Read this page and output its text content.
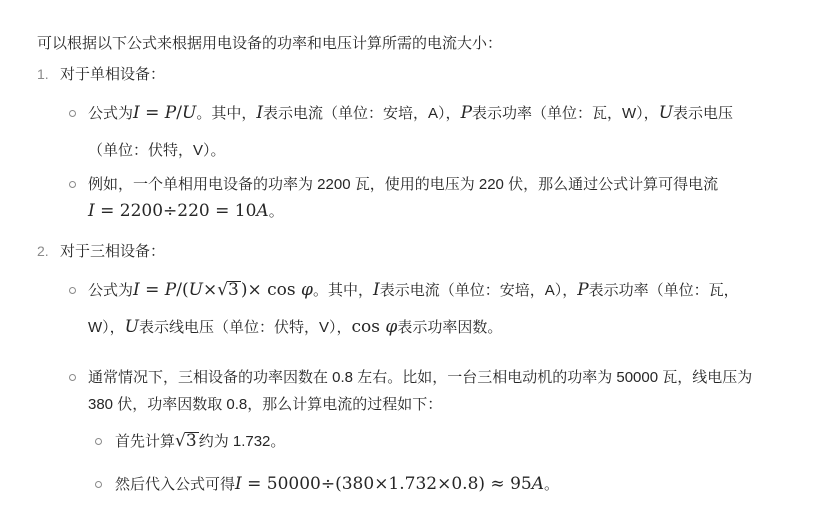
可以根据以下公式来根据用电设备的功率和电压计算所需的电流大小：

1. 对于单相设备：
公式为I = P/U。其中，I表示电流（单位：安培，A），P表示功率（单位：瓦，W），U表示电压
（单位：伏特，V）。
例如，一个单相用电设备的功率为 2200 瓦，使用的电压为 220 伏，那么通过公式计算可得电流
I = 2200÷220 = 10A。
2. 对于三相设备：
公式为I = P/(U×√3 )× cos φ。其中，I表示电流（单位：安培，A），P表示功率（单位：瓦，
W），U表示线电压（单位：伏特，V），cos φ表示功率因数。
通常情况下，三相设备的功率因数在 0.8 左右。比如，一台三相电动机的功率为 50000 瓦，线电压为
380 伏，功率因数取 0.8，那么计算电流的过程如下：
首先计算√3 约为 1.732。
然后代入公式可得I = 50000÷(380×1.732×0.8) ≈ 95A。
